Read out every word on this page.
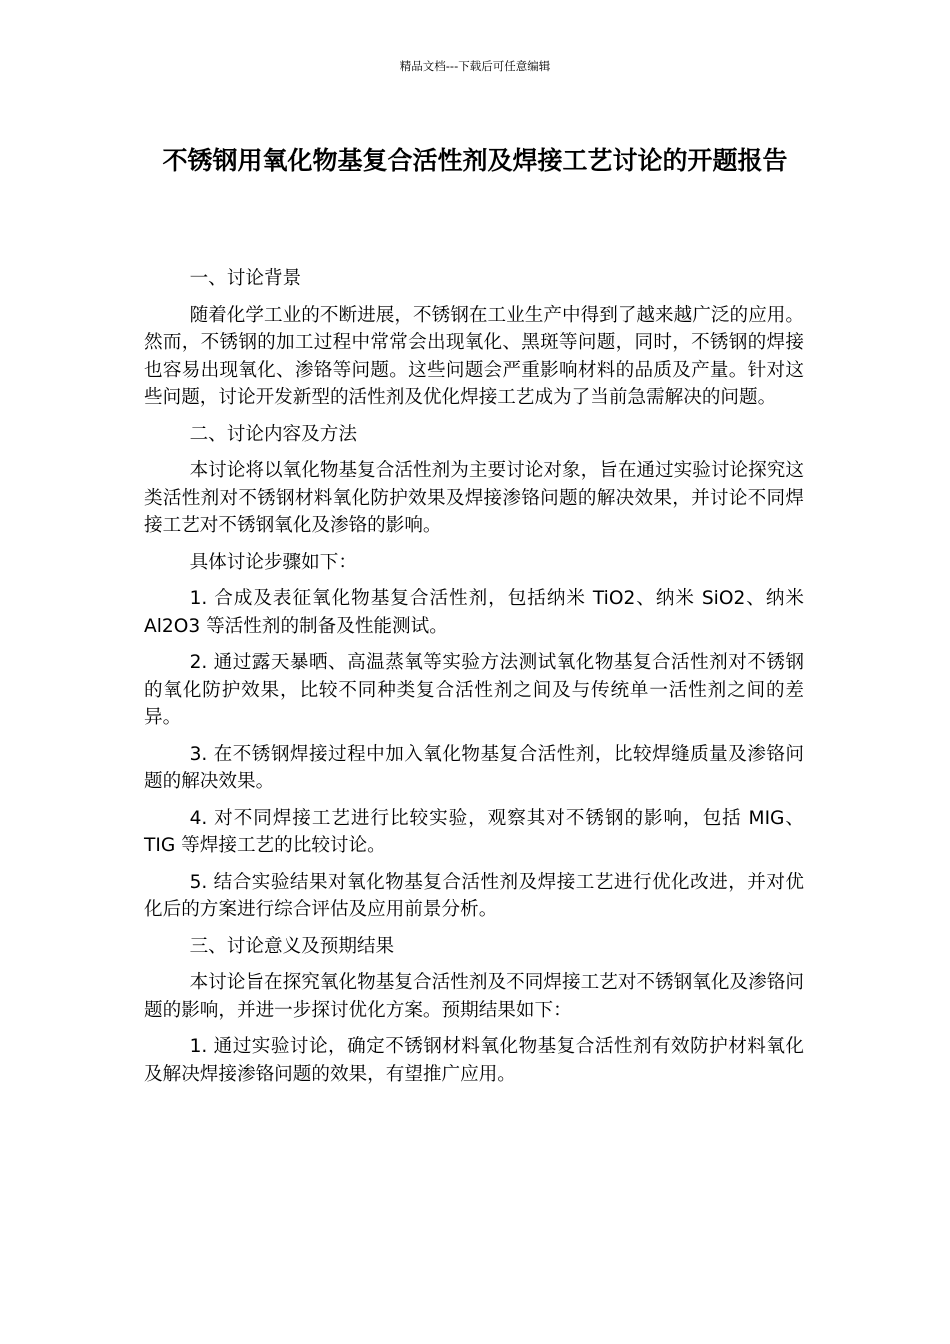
精品文档---下载后可任意编辑
不锈钢用氧化物基复合活性剂及焊接工艺讨论的开题报告

一、讨论背景

随着化学工业的不断进展，不锈钢在工业生产中得到了越来越广泛的应用。然而，不锈钢的加工过程中常常会出现氧化、黑斑等问题，同时，不锈钢的焊接也容易出现氧化、渗铬等问题。这些问题会严重影响材料的品质及产量。针对这些问题，讨论开发新型的活性剂及优化焊接工艺成为了当前急需解决的问题。

二、讨论内容及方法

本讨论将以氧化物基复合活性剂为主要讨论对象，旨在通过实验讨论探究这类活性剂对不锈钢材料氧化防护效果及焊接渗铬问题的解决效果，并讨论不同焊接工艺对不锈钢氧化及渗铬的影响。

具体讨论步骤如下：

1. 合成及表征氧化物基复合活性剂，包括纳米 TiO2、纳米 SiO2、纳米 Al2O3 等活性剂的制备及性能测试。

2. 通过露天暴晒、高温蒸氧等实验方法测试氧化物基复合活性剂对不锈钢的氧化防护效果，比较不同种类复合活性剂之间及与传统单一活性剂之间的差异。

3. 在不锈钢焊接过程中加入氧化物基复合活性剂，比较焊缝质量及渗铬问题的解决效果。

4. 对不同焊接工艺进行比较实验，观察其对不锈钢的影响，包括 MIG、TIG 等焊接工艺的比较讨论。

5. 结合实验结果对氧化物基复合活性剂及焊接工艺进行优化改进，并对优化后的方案进行综合评估及应用前景分析。

三、讨论意义及预期结果

本讨论旨在探究氧化物基复合活性剂及不同焊接工艺对不锈钢氧化及渗铬问题的影响，并进一步探讨优化方案。预期结果如下：

1. 通过实验讨论，确定不锈钢材料氧化物基复合活性剂有效防护材料氧化及解决焊接渗铬问题的效果，有望推广应用。
